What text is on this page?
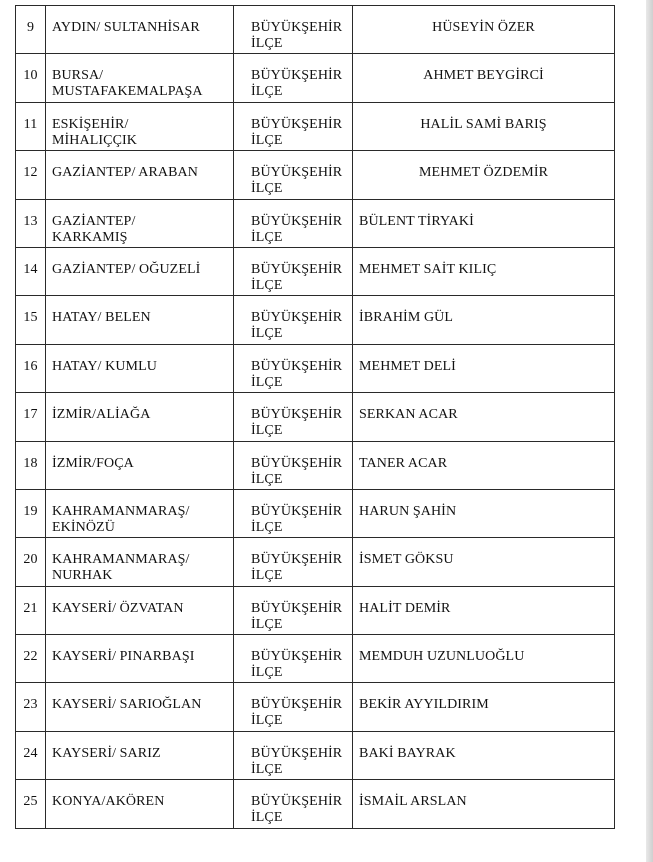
9	AYDIN/ SULTANHİSAR	BÜYÜKŞEHİR
İLÇE	HÜSEYİN ÖZER

10	BURSA/
MUSTAFAKEMALPAŞA	BÜYÜKŞEHİR
İLÇE	AHMET BEYGİRCİ

11	ESKİŞEHİR/
MİHALIÇÇIK	BÜYÜKŞEHİR
İLÇE	HALİL SAMİ BARIŞ

12	GAZİANTEP/ ARABAN	BÜYÜKŞEHİR
İLÇE	MEHMET ÖZDEMİR

13	GAZİANTEP/
KARKAMIŞ	BÜYÜKŞEHİR
İLÇE	BÜLENT TİRYAKİ

14	GAZİANTEP/ OĞUZELİ	BÜYÜKŞEHİR
İLÇE	MEHMET SAİT KILIÇ

15	HATAY/ BELEN	BÜYÜKŞEHİR
İLÇE	İBRAHİM GÜL

16	HATAY/ KUMLU	BÜYÜKŞEHİR
İLÇE	MEHMET DELİ

17	İZMİR/ALİAĞA	BÜYÜKŞEHİR
İLÇE	SERKAN ACAR

18	İZMİR/FOÇA	BÜYÜKŞEHİR
İLÇE	TANER ACAR

19	KAHRAMANMARAŞ/
EKİNÖZÜ	BÜYÜKŞEHİR
İLÇE	HARUN ŞAHİN

20	KAHRAMANMARAŞ/
NURHAK	BÜYÜKŞEHİR
İLÇE	İSMET GÖKSU

21	KAYSERİ/ ÖZVATAN	BÜYÜKŞEHİR
İLÇE	HALİT DEMİR

22	KAYSERİ/ PINARBAŞI	BÜYÜKŞEHİR
İLÇE	MEMDUH UZUNLUOĞLU

23	KAYSERİ/ SARIOĞLAN	BÜYÜKŞEHİR
İLÇE	BEKİR AYYILDIRIM

24	KAYSERİ/ SARIZ	BÜYÜKŞEHİR
İLÇE	BAKİ BAYRAK

25	KONYA/AKÖREN	BÜYÜKŞEHİR
İLÇE	İSMAİL ARSLAN
